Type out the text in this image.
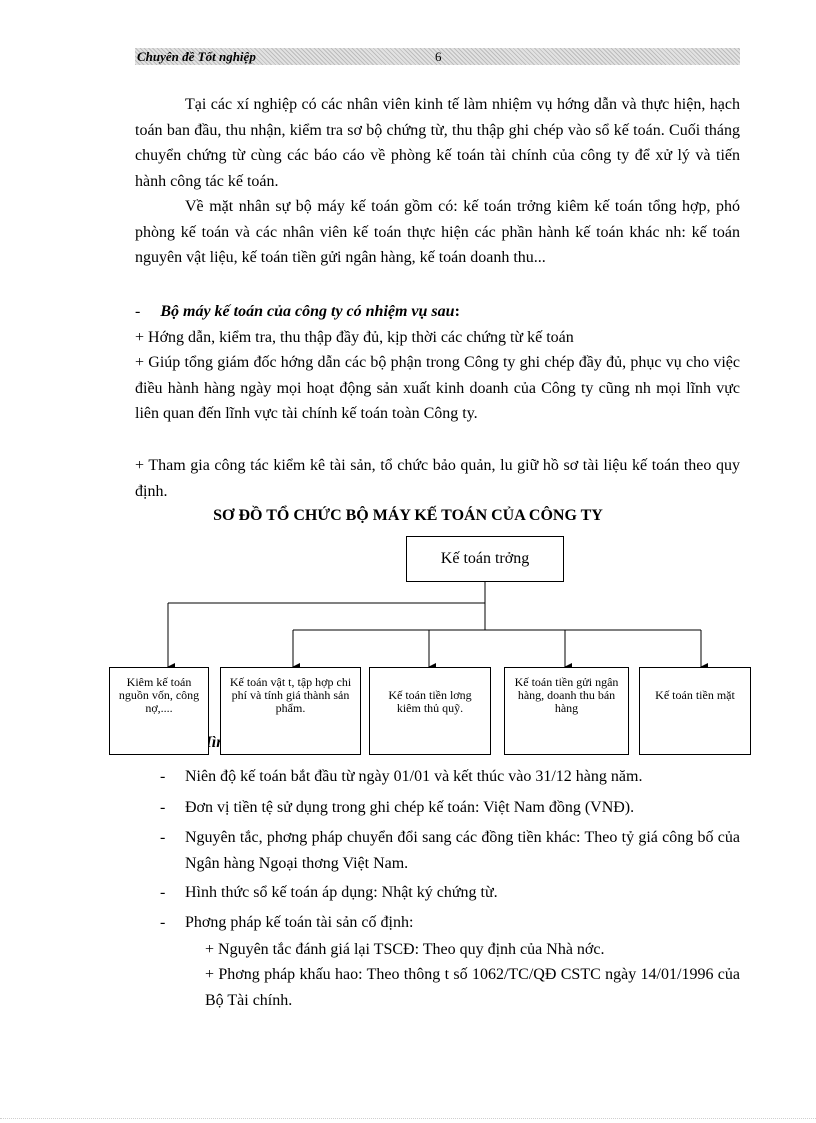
Chuyên đề Tốt nghiệp	6

Tại các xí nghiệp có các nhân viên kinh tế làm nhiệm vụ hớng dẫn và thực hiện, hạch toán ban đầu, thu nhận, kiểm tra sơ bộ chứng từ, thu thập ghi chép vào sổ kế toán. Cuối tháng chuyển chứng từ cùng các báo cáo về phòng kế toán tài chính của công ty để xử lý và tiến hành công tác kế toán.

Về mặt nhân sự bộ máy kế toán gồm có: kế toán trởng kiêm kế toán tổng hợp, phó phòng kế toán và các nhân viên kế toán thực hiện các phần hành kế toán khác nh: kế toán nguyên vật liệu, kế toán tiền gửi ngân hàng, kế toán doanh thu...

- Bộ máy kế toán của công ty có nhiệm vụ sau:

+ Hớng dẫn, kiểm tra, thu thập đầy đủ, kịp thời các chứng từ kế toán

+ Giúp tổng giám đốc hớng dẫn các bộ phận trong Công ty ghi chép đầy đủ, phục vụ cho việc điều hành hàng ngày mọi hoạt động sản xuất kinh doanh của Công ty cũng nh mọi lĩnh vực liên quan đến lĩnh vực tài chính kế toán toàn Công ty.

+ Tham gia công tác kiểm kê tài sản, tổ chức bảo quản, lu giữ hồ sơ tài liệu kế toán theo quy định.

SƠ ĐỒ TỔ CHỨC BỘ MÁY KẾ TOÁN CỦA CÔNG TY

Hình
Kế toán trởng
Kiêm kế toán nguồn vốn, công nợ,....
Kế toán vật t, tập hợp chi phí và tính giá thành sản phẩm.
Kế toán tiền lơng kiêm thủ quỹ.
Kế toán tiền gửi ngân hàng, doanh thu bán hàng
Kế toán tiền mặt
- Niên độ kế toán bắt đầu từ ngày 01/01 và kết thúc vào 31/12 hàng năm.
- Đơn vị tiền tệ sử dụng trong ghi chép kế toán: Việt Nam đồng (VNĐ).
- Nguyên tắc, phơng pháp chuyển đổi sang các đồng tiền khác: Theo tỷ giá công bố của Ngân hàng Ngoại thơng Việt Nam.
- Hình thức sổ kế toán áp dụng: Nhật ký chứng từ.
- Phơng pháp kế toán tài sản cố định:
+ Nguyên tắc đánh giá lại TSCĐ: Theo quy định của Nhà nớc.
+ Phơng pháp khấu hao: Theo thông t số 1062/TC/QĐ CSTC ngày 14/01/1996 của Bộ Tài chính.
